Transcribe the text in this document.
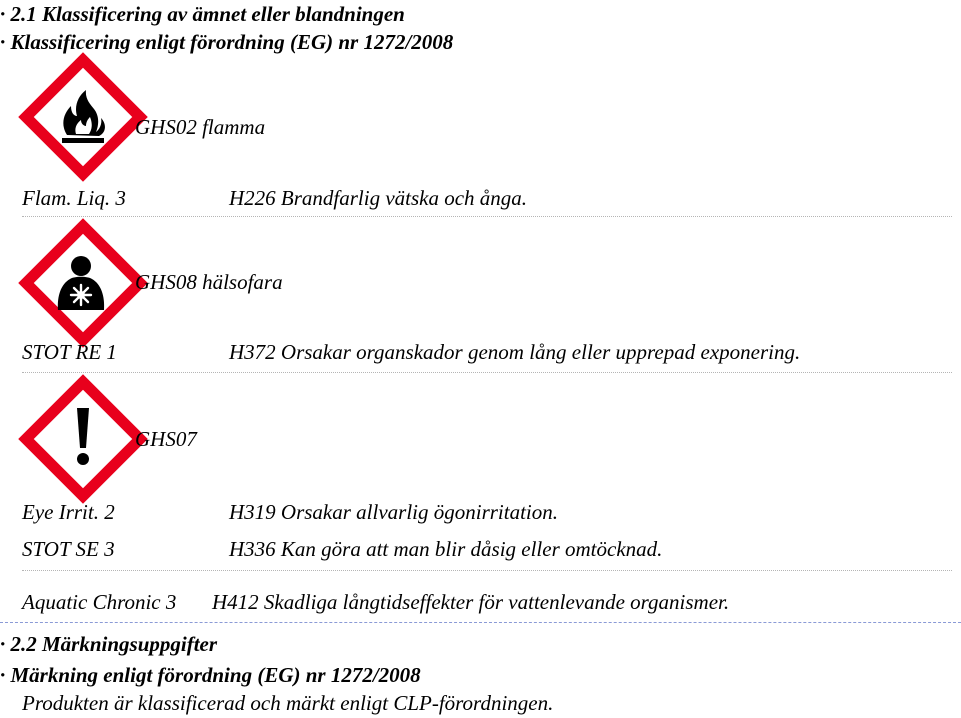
· 2.1 Klassificering av ämnet eller blandningen
· Klassificering enligt förordning (EG) nr 1272/2008
GHS02 flamma
Flam. Liq. 3	H226 Brandfarlig vätska och ånga.
GHS08 hälsofara
STOT RE 1	H372 Orsakar organskador genom lång eller upprepad exponering.
GHS07
Eye Irrit. 2	H319 Orsakar allvarlig ögonirritation.
STOT SE 3	H336 Kan göra att man blir dåsig eller omtöcknad.
Aquatic Chronic 3 H412 Skadliga långtidseffekter för vattenlevande organismer.
· 2.2 Märkningsuppgifter
· Märkning enligt förordning (EG) nr 1272/2008
Produkten är klassificerad och märkt enligt CLP-förordningen.
